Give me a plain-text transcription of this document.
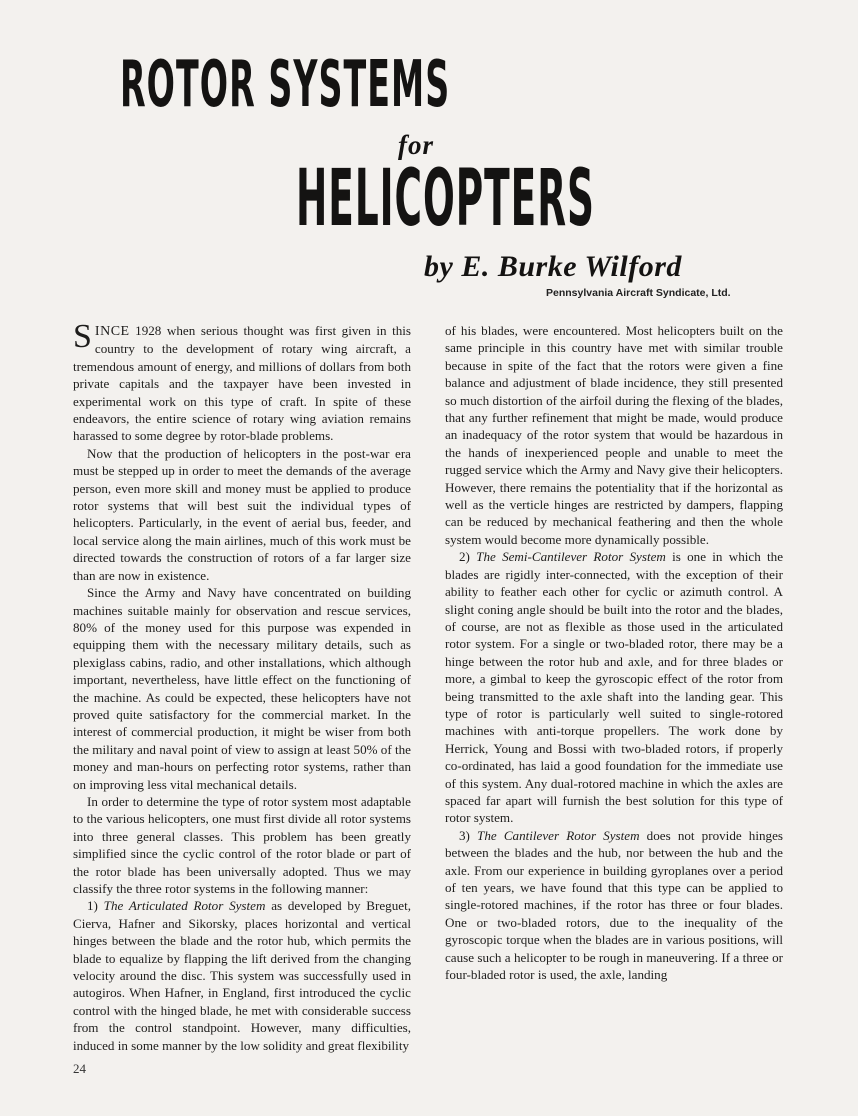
ROTOR SYSTEMS
for
HELICOPTERS
by E. Burke Wilford
Pennsylvania Aircraft Syndicate, Ltd.

SINCE 1928 when serious thought was first given in this country to the development of rotary wing aircraft, a tremendous amount of energy, and millions of dollars from both private capitals and the taxpayer have been invested in experimental work on this type of craft. In spite of these endeavors, the entire science of rotary wing aviation remains harassed to some degree by rotor-blade problems.

Now that the production of helicopters in the post-war era must be stepped up in order to meet the demands of the average person, even more skill and money must be applied to produce rotor systems that will best suit the individual types of helicopters. Particularly, in the event of aerial bus, feeder, and local service along the main airlines, much of this work must be directed towards the construction of rotors of a far larger size than are now in existence.

Since the Army and Navy have concentrated on building machines suitable mainly for observation and rescue services, 80% of the money used for this purpose was expended in equipping them with the necessary military details, such as plexiglass cabins, radio, and other installations, which although important, nevertheless, have little effect on the functioning of the machine. As could be expected, these helicopters have not proved quite satisfactory for the commercial market. In the interest of commercial production, it might be wiser from both the military and naval point of view to assign at least 50% of the money and man-hours on perfecting rotor systems, rather than on improving less vital mechanical details.

In order to determine the type of rotor system most adaptable to the various helicopters, one must first divide all rotor systems into three general classes. This problem has been greatly simplified since the cyclic control of the rotor blade or part of the rotor blade has been universally adopted. Thus we may classify the three rotor systems in the following manner:

1) The Articulated Rotor System as developed by Breguet, Cierva, Hafner and Sikorsky, places horizontal and vertical hinges between the blade and the rotor hub, which permits the blade to equalize by flapping the lift derived from the changing velocity around the disc. This system was successfully used in autogiros. When Hafner, in England, first introduced the cyclic control with the hinged blade, he met with considerable success from the control standpoint. However, many difficulties, induced in some manner by the low solidity and great flexibility

of his blades, were encountered. Most helicopters built on the same principle in this country have met with similar trouble because in spite of the fact that the rotors were given a fine balance and adjustment of blade incidence, they still presented so much distortion of the airfoil during the flexing of the blades, that any further refinement that might be made, would produce an inadequacy of the rotor system that would be hazardous in the hands of inexperienced people and unable to meet the rugged service which the Army and Navy give their helicopters. However, there remains the potentiality that if the horizontal as well as the verticle hinges are restricted by dampers, flapping can be reduced by mechanical feathering and then the whole system would become more dynamically possible.

2) The Semi-Cantilever Rotor System is one in which the blades are rigidly inter-connected, with the exception of their ability to feather each other for cyclic or azimuth control. A slight coning angle should be built into the rotor and the blades, of course, are not as flexible as those used in the articulated rotor system. For a single or two-bladed rotor, there may be a hinge between the rotor hub and axle, and for three blades or more, a gimbal to keep the gyroscopic effect of the rotor from being transmitted to the axle shaft into the landing gear. This type of rotor is particularly well suited to single-rotored machines with anti-torque propellers. The work done by Herrick, Young and Bossi with two-bladed rotors, if properly co-ordinated, has laid a good foundation for the immediate use of this system. Any dual-rotored machine in which the axles are spaced far apart will furnish the best solution for this type of rotor system.

3) The Cantilever Rotor System does not provide hinges between the blades and the hub, nor between the hub and the axle. From our experience in building gyroplanes over a period of ten years, we have found that this type can be applied to single-rotored machines, if the rotor has three or four blades. One or two-bladed rotors, due to the inequality of the gyroscopic torque when the blades are in various positions, will cause such a helicopter to be rough in maneuvering. If a three or four-bladed rotor is used, the axle, landing

24
